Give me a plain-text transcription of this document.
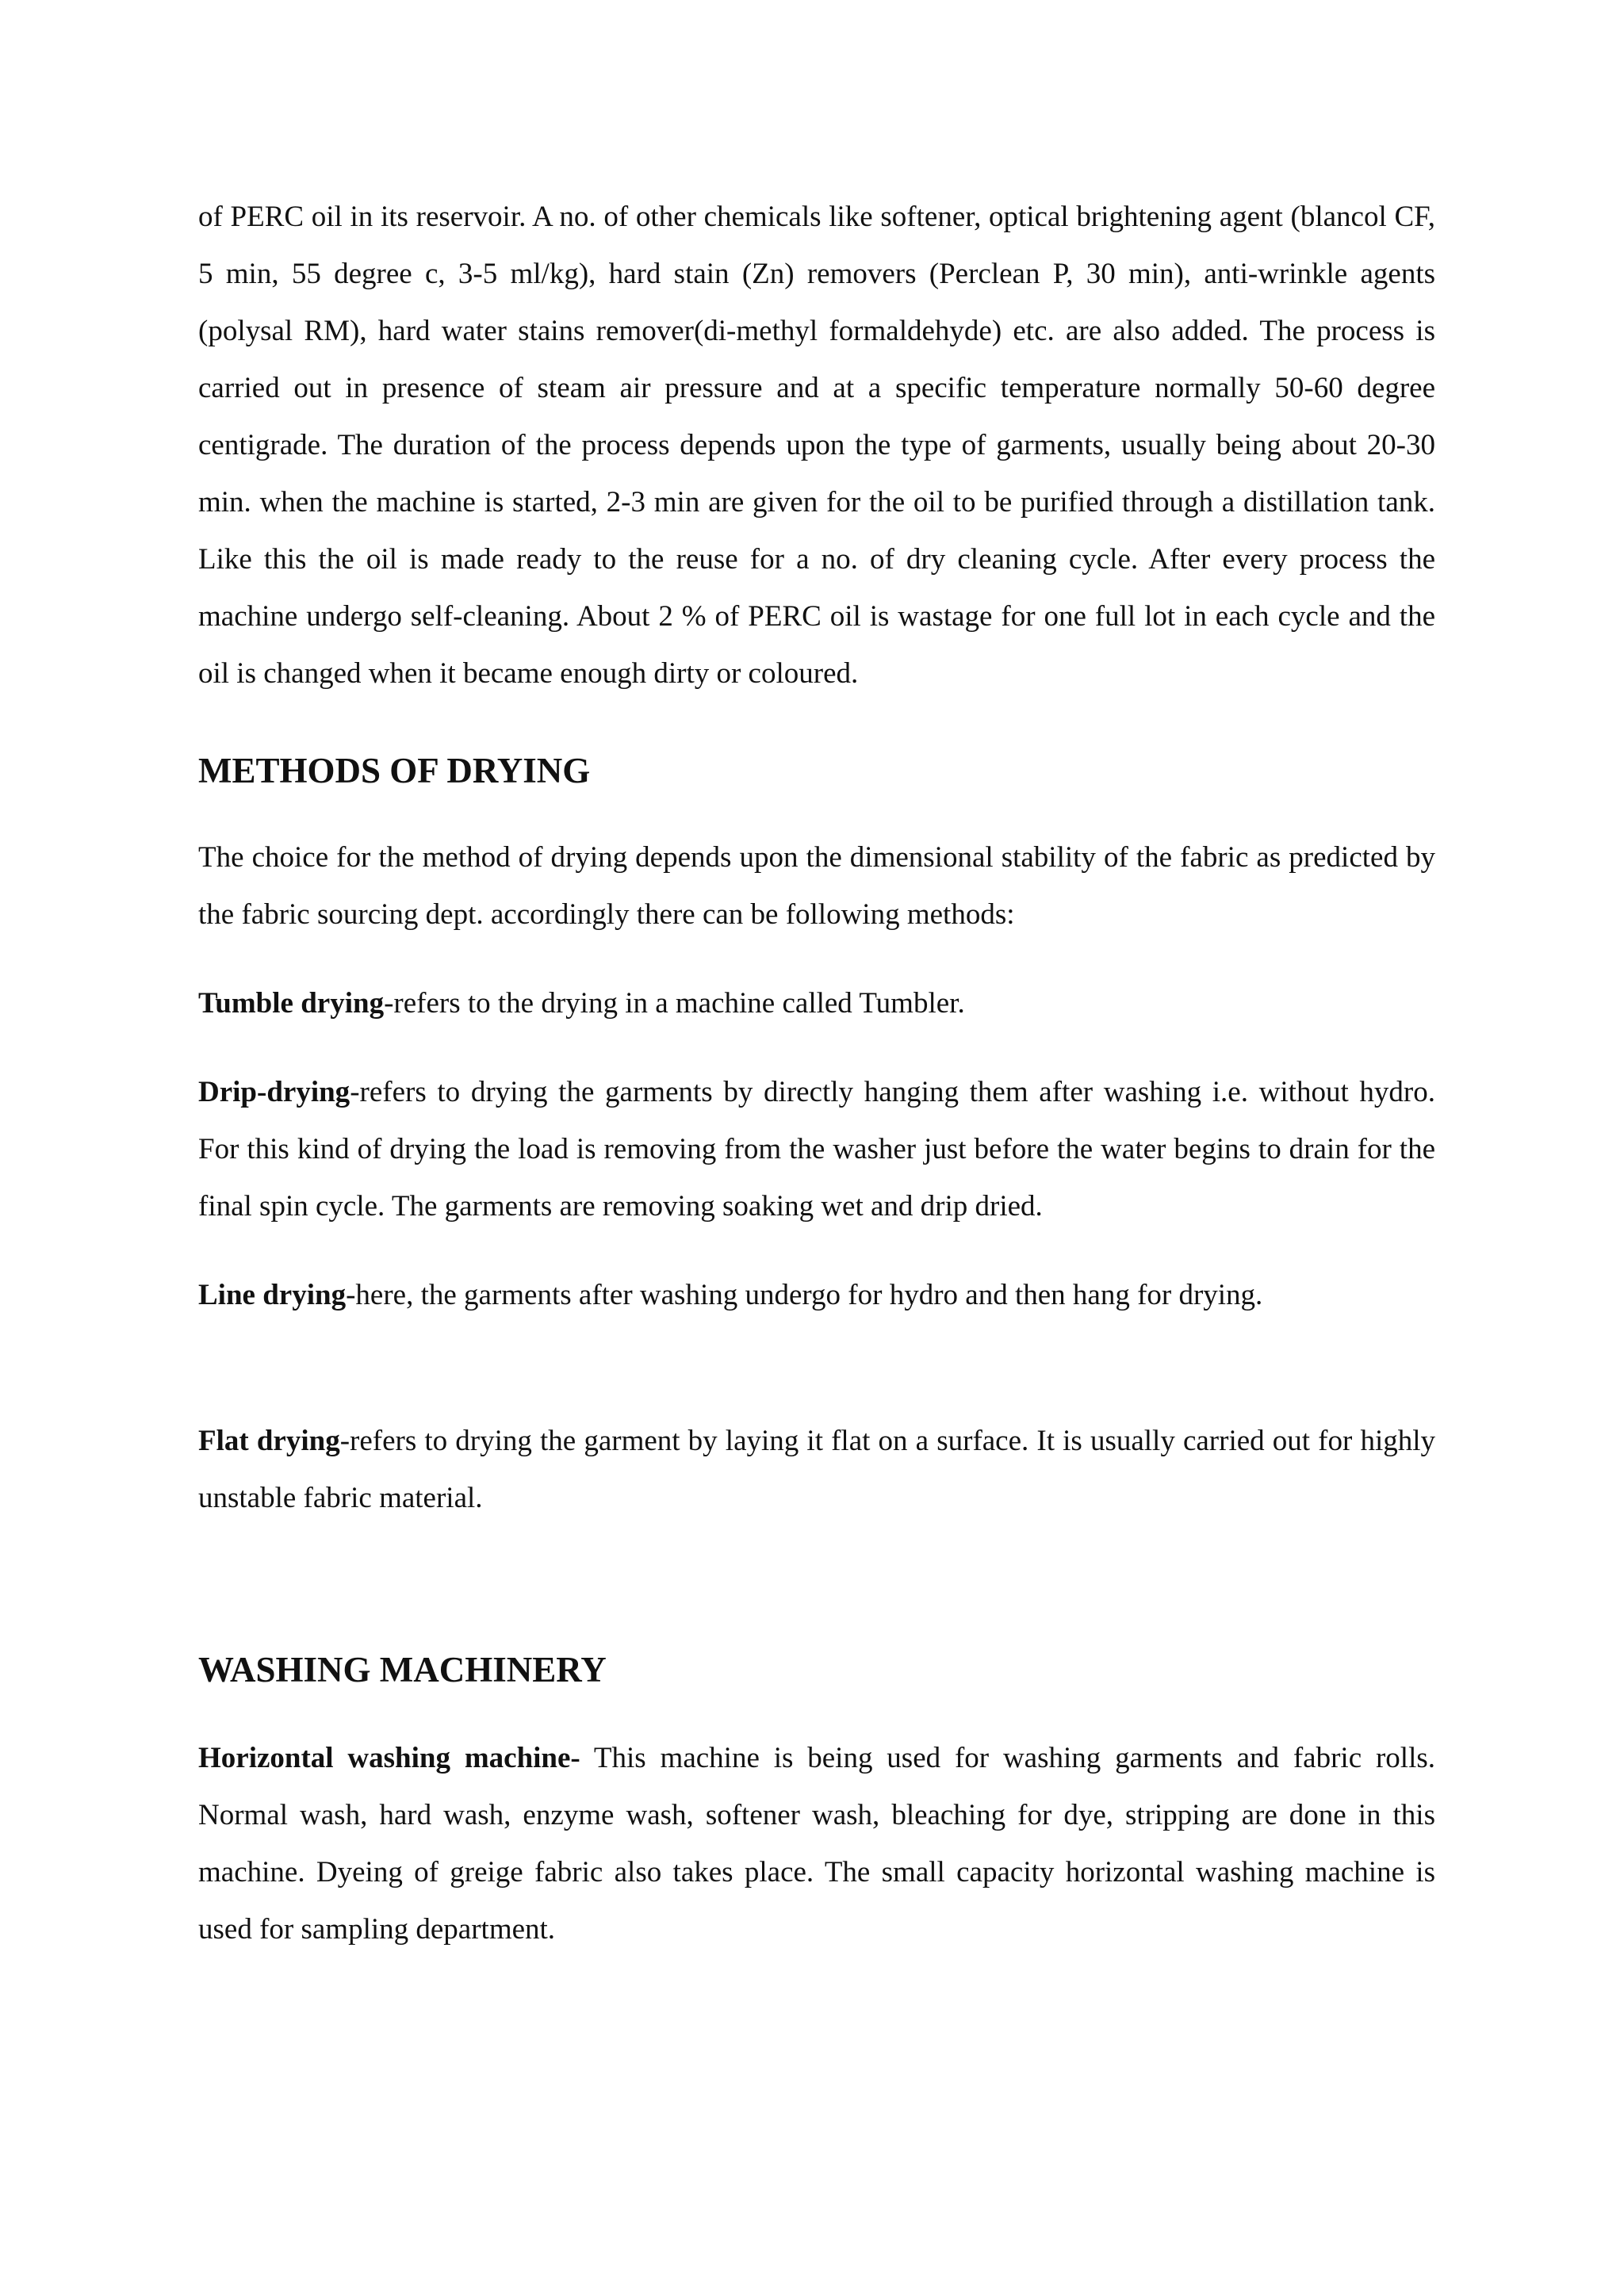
of PERC oil in its reservoir. A no. of other chemicals like softener, optical brightening agent (blancol CF, 5 min, 55 degree c, 3-5 ml/kg), hard stain (Zn) removers (Perclean P, 30 min), anti-wrinkle agents (polysal RM), hard water stains remover(di-methyl formaldehyde) etc. are also added. The process is carried out in presence of steam air pressure and at a specific temperature normally 50-60 degree centigrade. The duration of the process depends upon the type of garments, usually being about 20-30 min. when the machine is started, 2-3 min are given for the oil to be purified through a distillation tank. Like this the oil is made ready to the reuse for a no. of dry cleaning cycle. After every process the machine undergo self-cleaning. About 2 % of PERC oil is wastage for one full lot in each cycle and the oil is changed when it became enough dirty or coloured.

METHODS OF DRYING

The choice for the method of drying depends upon the dimensional stability of the fabric as predicted by the fabric sourcing dept. accordingly there can be following methods:

Tumble drying-refers to the drying in a machine called Tumbler.

Drip-drying-refers to drying the garments by directly hanging them after washing i.e. without hydro. For this kind of drying the load is removing from the washer just before the water begins to drain for the final spin cycle. The garments are removing soaking wet and drip dried.

Line drying-here, the garments after washing undergo for hydro and then hang for drying.

Flat drying-refers to drying the garment by laying it flat on a surface. It is usually carried out for highly unstable fabric material.

WASHING MACHINERY

Horizontal washing machine- This machine is being used for washing garments and fabric rolls. Normal wash, hard wash, enzyme wash, softener wash, bleaching for dye, stripping are done in this machine. Dyeing of greige fabric also takes place. The small capacity horizontal washing machine is used for sampling department.
